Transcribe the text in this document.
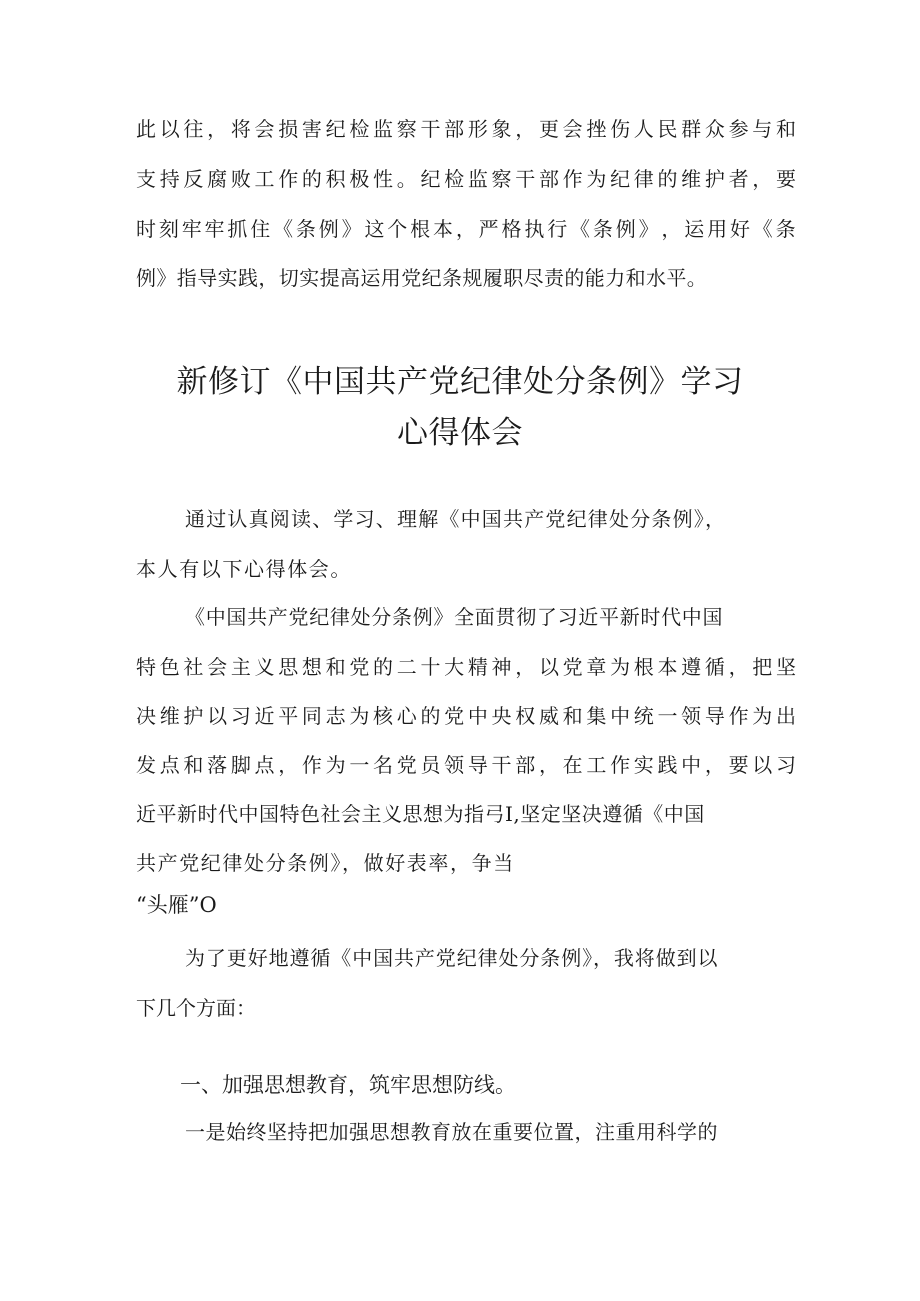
此 以 往 ， 将 会 损 害 纪 检 监 察 干 部 形 象 ， 更 会 挫 伤 人 民 群 众 参 与 和
支 持 反 腐 败 工 作 的 积 极 性 。 纪 检 监 察 干 部 作 为 纪 律 的 维 护 者 ， 要
时 刻 牢 牢 抓 住 《 条 例 》 这 个 根 本 ， 严 格 执 行 《 条 例 》 ， 运 用 好 《 条
例》指导实践，切实提高运用党纪条规履职尽责的能力和水平。
新修订《中国共产党纪律处分条例》学习
心得体会
通过认真阅读、学习、理解《中国共产党纪律处分条例》，
本人有以下心得体会。
《中国共产党纪律处分条例》全面贯彻了习近平新时代中国
特 色 社 会 主 义 思 想 和 党 的 二 十 大 精 神 ， 以 党 章 为 根 本 遵 循 ， 把 坚
决 维 护 以 习 近 平 同 志 为 核 心 的 党 中 央 权 威 和 集 中 统 一 领 导 作 为 出
发 点 和 落 脚 点 ， 作 为 一 名 党 员 领 导 干 部 ， 在 工 作 实 践 中 ， 要 以 习
近平新时代中国特色社会主义思想为指弓I,坚定坚决遵循《中国
共产党纪律处分条例》，做好表率，争当
“头雁”O
为了更好地遵循《中国共产党纪律处分条例》，我将做到以
下几个方面：
一、加强思想教育，筑牢思想防线。
一是始终坚持把加强思想教育放在重要位置，注重用科学的
